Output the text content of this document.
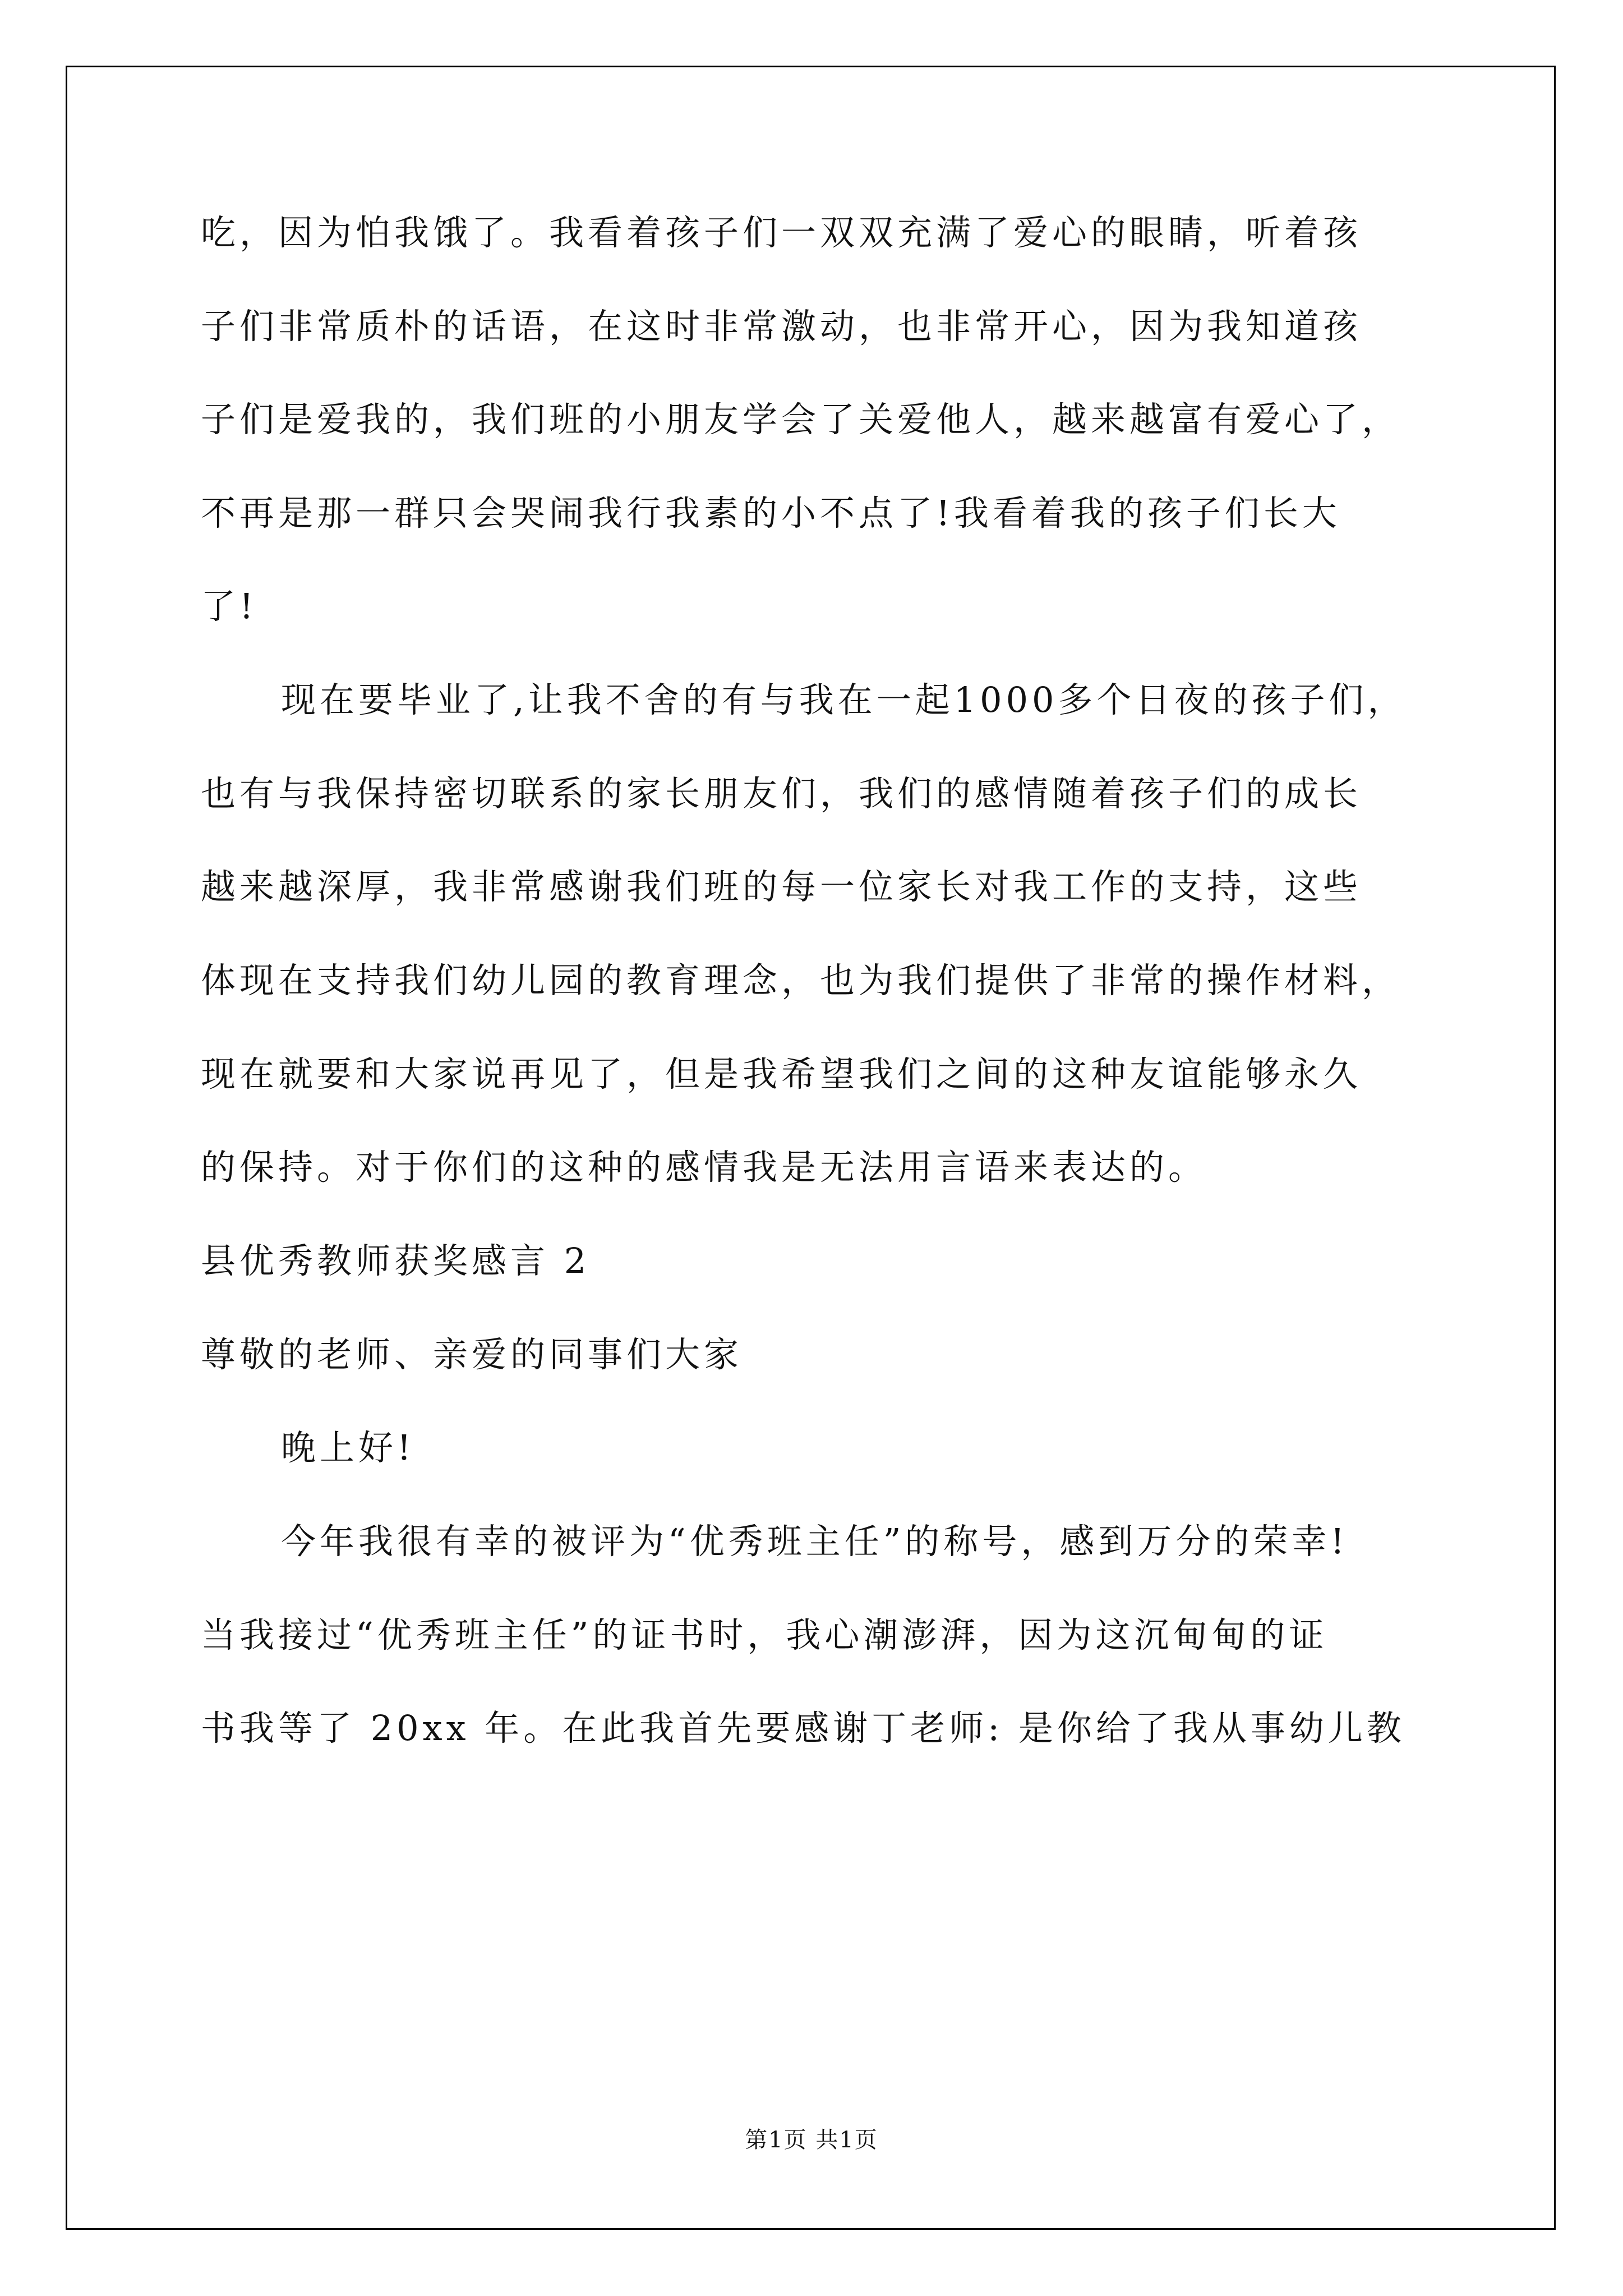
吃，因为怕我饿了。我看着孩子们一双双充满了爱心的眼睛，听着孩
子们非常质朴的话语，在这时非常激动，也非常开心，因为我知道孩
子们是爱我的，我们班的小朋友学会了关爱他人，越来越富有爱心了，
不再是那一群只会哭闹我行我素的小不点了!我看着我的孩子们长大
了!
现在要毕业了,让我不舍的有与我在一起1000多个日夜的孩子们，
也有与我保持密切联系的家长朋友们，我们的感情随着孩子们的成长
越来越深厚，我非常感谢我们班的每一位家长对我工作的支持，这些
体现在支持我们幼儿园的教育理念，也为我们提供了非常的操作材料，
现在就要和大家说再见了，但是我希望我们之间的这种友谊能够永久
的保持。对于你们的这种的感情我是无法用言语来表达的。
县优秀教师获奖感言 2
尊敬的老师、亲爱的同事们大家
晚上好!
今年我很有幸的被评为“优秀班主任”的称号，感到万分的荣幸!
当我接过“优秀班主任”的证书时，我心潮澎湃，因为这沉甸甸的证
书我等了 20xx 年。在此我首先要感谢丁老师: 是你给了我从事幼儿教
第1页 共1页
